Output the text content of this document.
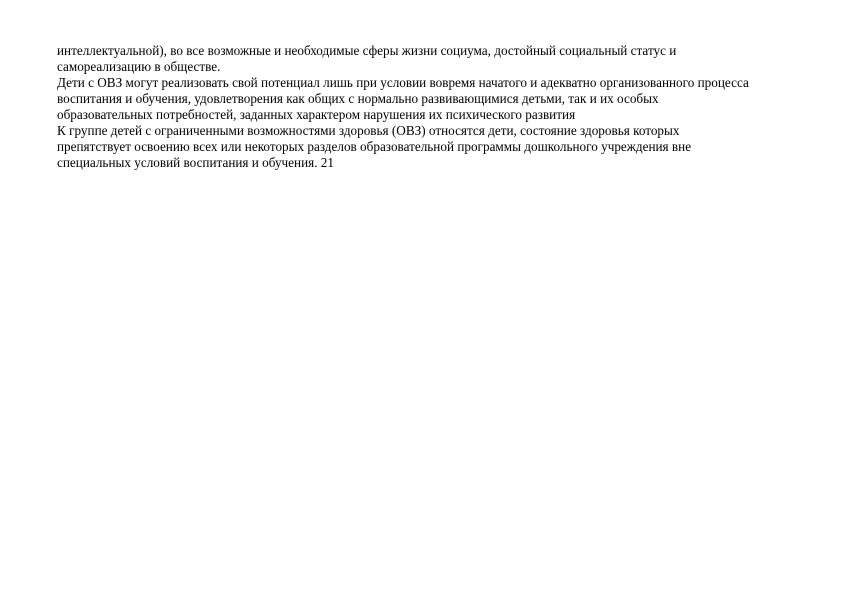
интеллектуальной), во все возможные и необходимые сферы жизни социума, достойный социальный статус и
самореализацию в обществе.
Дети с ОВЗ могут реализовать свой потенциал лишь при условии вовремя начатого и адекватно организованного процесса
воспитания и обучения, удовлетворения как общих с нормально развивающимися детьми, так и их особых
образовательных потребностей, заданных характером нарушения их психического развития
К группе детей с ограниченными возможностями здоровья (ОВЗ) относятся дети, состояние здоровья которых
препятствует освоению всех или некоторых разделов образовательной программы дошкольного учреждения вне
специальных условий воспитания и обучения. 21
